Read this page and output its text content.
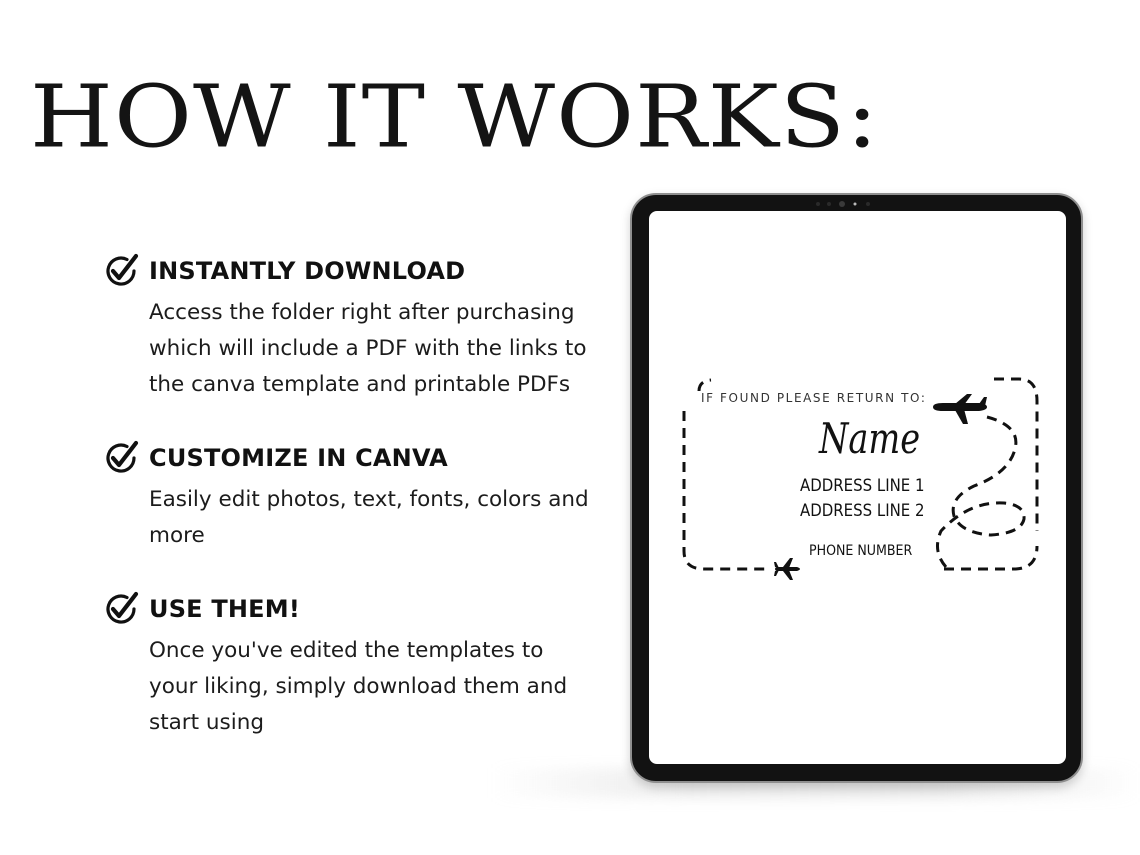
HOW IT WORKS:
INSTANTLY DOWNLOAD
Access the folder right after purchasing
which will include a PDF with the links to
the canva template and printable PDFs
CUSTOMIZE IN CANVA
Easily edit photos, text, fonts, colors and
more
USE THEM!
Once you've edited the templates to
your liking, simply download them and
start using
IF FOUND PLEASE RETURN TO:
Name
ADDRESS LINE 1
ADDRESS LINE 2
PHONE NUMBER
